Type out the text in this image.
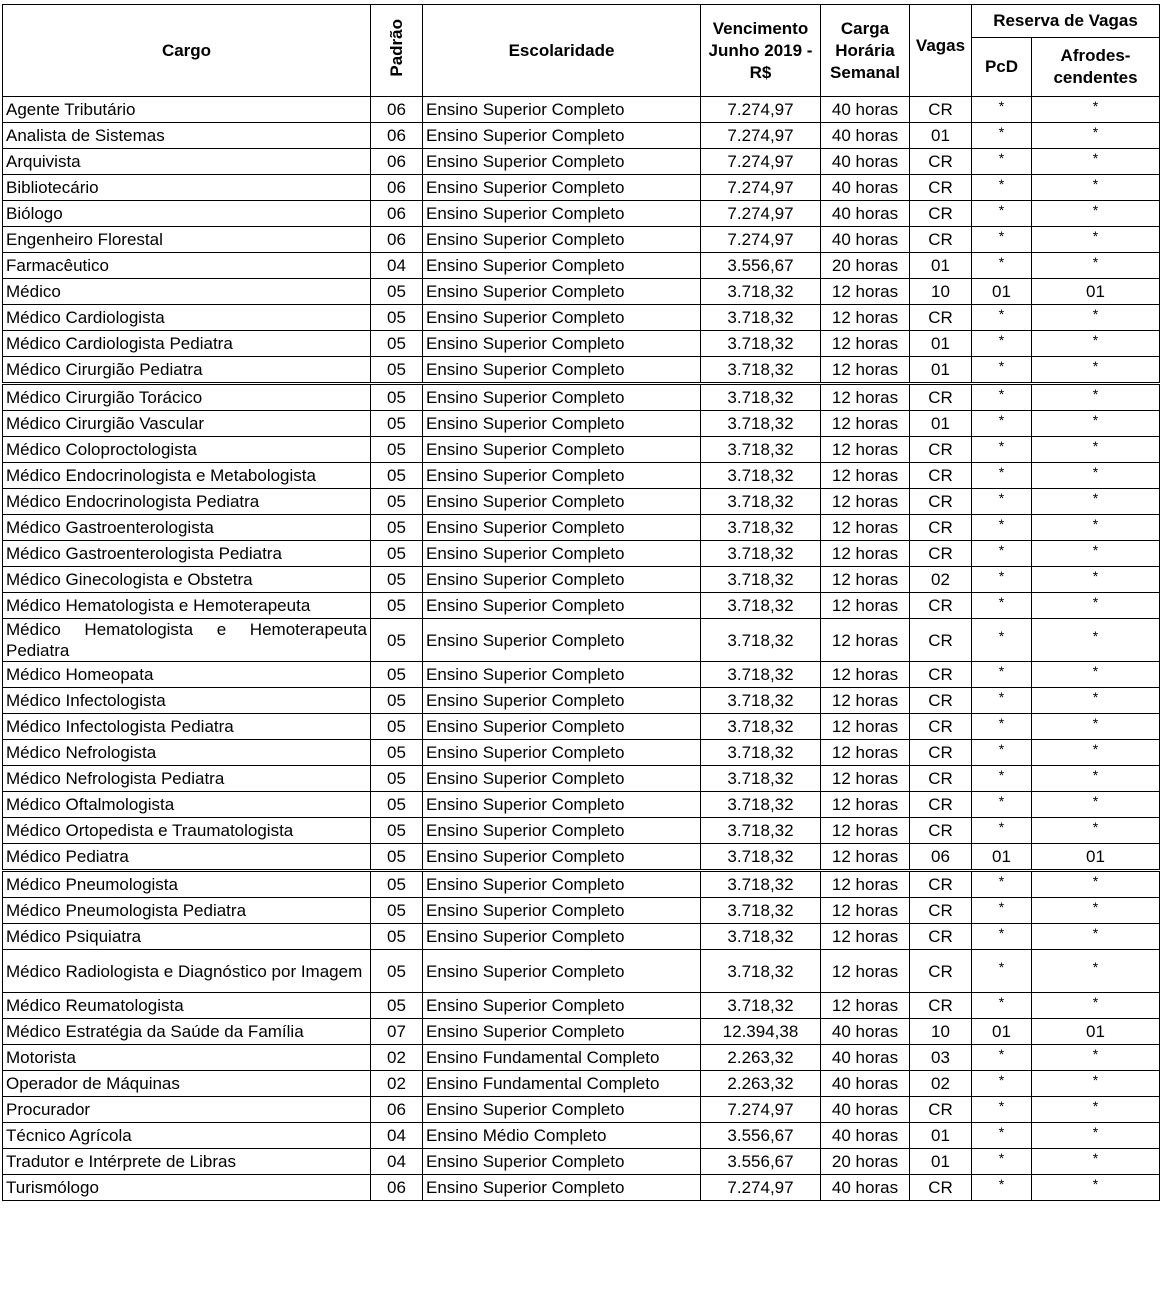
Cargo	Padrão	Escolaridade	Vencimento Junho 2019 - R$	Carga Horária Semanal	Vagas	Reserva de Vagas	
						PcD	Afrodes-cendentes
Agente Tributário	06	Ensino Superior Completo	7.274,97	40 horas	CR	*	*
Analista de Sistemas	06	Ensino Superior Completo	7.274,97	40 horas	01	*	*
Arquivista	06	Ensino Superior Completo	7.274,97	40 horas	CR	*	*
Bibliotecário	06	Ensino Superior Completo	7.274,97	40 horas	CR	*	*
Biólogo	06	Ensino Superior Completo	7.274,97	40 horas	CR	*	*
Engenheiro Florestal	06	Ensino Superior Completo	7.274,97	40 horas	CR	*	*
Farmacêutico	04	Ensino Superior Completo	3.556,67	20 horas	01	*	*
Médico	05	Ensino Superior Completo	3.718,32	12 horas	10	01	01
Médico Cardiologista	05	Ensino Superior Completo	3.718,32	12 horas	CR	*	*
Médico Cardiologista Pediatra	05	Ensino Superior Completo	3.718,32	12 horas	01	*	*
Médico Cirurgião Pediatra	05	Ensino Superior Completo	3.718,32	12 horas	01	*	*
Médico Cirurgião Torácico	05	Ensino Superior Completo	3.718,32	12 horas	CR	*	*
Médico Cirurgião Vascular	05	Ensino Superior Completo	3.718,32	12 horas	01	*	*
Médico Coloproctologista	05	Ensino Superior Completo	3.718,32	12 horas	CR	*	*
Médico Endocrinologista e Metabologista	05	Ensino Superior Completo	3.718,32	12 horas	CR	*	*
Médico Endocrinologista Pediatra	05	Ensino Superior Completo	3.718,32	12 horas	CR	*	*
Médico Gastroenterologista	05	Ensino Superior Completo	3.718,32	12 horas	CR	*	*
Médico Gastroenterologista Pediatra	05	Ensino Superior Completo	3.718,32	12 horas	CR	*	*
Médico Ginecologista e Obstetra	05	Ensino Superior Completo	3.718,32	12 horas	02	*	*
Médico Hematologista e Hemoterapeuta	05	Ensino Superior Completo	3.718,32	12 horas	CR	*	*
Médico Hematologista e Hemoterapeuta Pediatra	05	Ensino Superior Completo	3.718,32	12 horas	CR	*	*
Médico Homeopata	05	Ensino Superior Completo	3.718,32	12 horas	CR	*	*
Médico Infectologista	05	Ensino Superior Completo	3.718,32	12 horas	CR	*	*
Médico Infectologista Pediatra	05	Ensino Superior Completo	3.718,32	12 horas	CR	*	*
Médico Nefrologista	05	Ensino Superior Completo	3.718,32	12 horas	CR	*	*
Médico Nefrologista Pediatra	05	Ensino Superior Completo	3.718,32	12 horas	CR	*	*
Médico Oftalmologista	05	Ensino Superior Completo	3.718,32	12 horas	CR	*	*
Médico Ortopedista e Traumatologista	05	Ensino Superior Completo	3.718,32	12 horas	CR	*	*
Médico Pediatra	05	Ensino Superior Completo	3.718,32	12 horas	06	01	01
Médico Pneumologista	05	Ensino Superior Completo	3.718,32	12 horas	CR	*	*
Médico Pneumologista Pediatra	05	Ensino Superior Completo	3.718,32	12 horas	CR	*	*
Médico Psiquiatra	05	Ensino Superior Completo	3.718,32	12 horas	CR	*	*
Médico Radiologista e Diagnóstico por Imagem	05	Ensino Superior Completo	3.718,32	12 horas	CR	*	*
Médico Reumatologista	05	Ensino Superior Completo	3.718,32	12 horas	CR	*	*
Médico Estratégia da Saúde da Família	07	Ensino Superior Completo	12.394,38	40 horas	10	01	01
Motorista	02	Ensino Fundamental Completo	2.263,32	40 horas	03	*	*
Operador de Máquinas	02	Ensino Fundamental Completo	2.263,32	40 horas	02	*	*
Procurador	06	Ensino Superior Completo	7.274,97	40 horas	CR	*	*
Técnico Agrícola	04	Ensino Médio Completo	3.556,67	40 horas	01	*	*
Tradutor e Intérprete de Libras	04	Ensino Superior Completo	3.556,67	20 horas	01	*	*
Turismólogo	06	Ensino Superior Completo	7.274,97	40 horas	CR	*	*
